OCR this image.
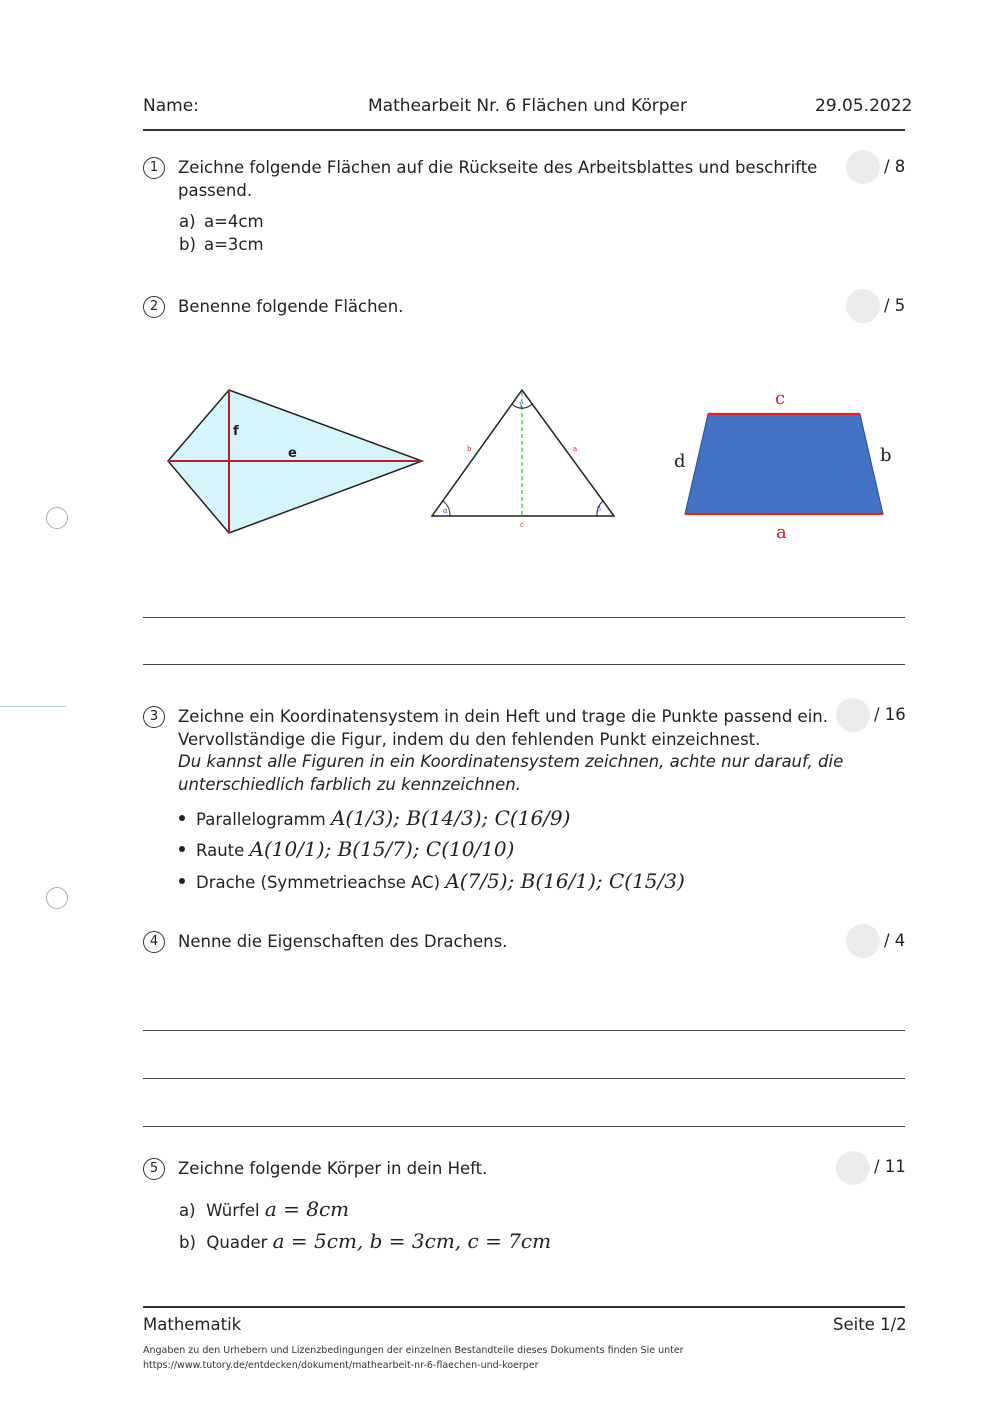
Name:	Mathearbeit Nr. 6 Flächen und Körper	29.05.2022
1	Zeichne folgende Flächen auf die Rückseite des Arbeitsblattes und beschrifte
passend.
/ 8
a) a=4cm
b) a=3cm
2	Benenne folgende Flächen.	/ 5
f
e
α	β
γ
b	a
c
c
a
d	b
3	Zeichne ein Koordinatensystem in dein Heft und trage die Punkte passend ein.
Vervollständige die Figur, indem du den fehlenden Punkt einzeichnest.
Du kannst alle Figuren in ein Koordinatensystem zeichnen, achte nur darauf, die
unterschiedlich farblich zu kennzeichnen.
/ 16
Parallelogramm A(1/3); B(14/3); C(16/9)
Raute A(10/1); B(15/7); C(10/10)
Drache (Symmetrieachse AC) A(7/5); B(16/1); C(15/3)
4	Nenne die Eigenschaften des Drachens.	/ 4
5	Zeichne folgende Körper in dein Heft.	/ 11
a) Würfel a = 8cm
b) Quader a = 5cm, b = 3cm, c = 7cm
Mathematik	Seite 1/2
Angaben zu den Urhebern und Lizenzbedingungen der einzelnen Bestandteile dieses Dokuments finden Sie unter
https://www.tutory.de/entdecken/dokument/mathearbeit-nr-6-flaechen-und-koerper
